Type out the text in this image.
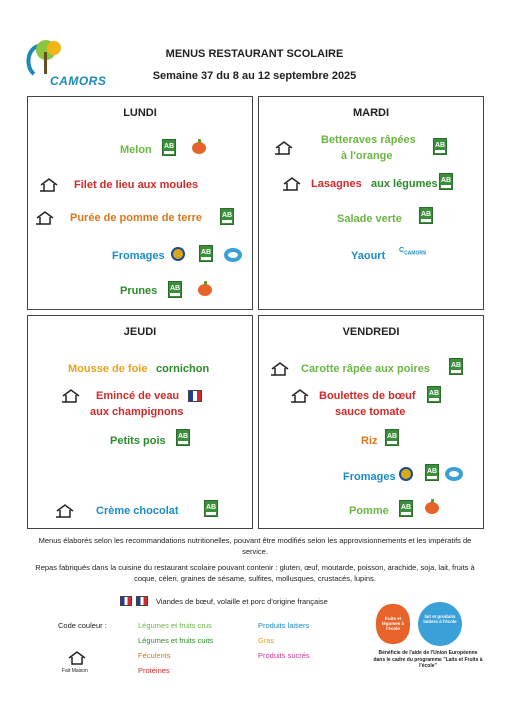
CAMORS
MENUS RESTAURANT SCOLAIRE
Semaine 37 du 8 au 12 septembre 2025
LUNDI
Melon AB
Filet de lieu aux moules
Purée de pomme de terre	AB
Fromages	AB
Prunes AB
MARDI
Betteraves râpées
à l'orange
AB
Lasagnes aux légumes AB
Salade verte	AB
Yaourt $C_{CAMORS}$
JEUDI
Mousse de foie cornichon
Emincé de veau
aux champignons
Petits pois AB
Crème chocolat	AB
VENDREDI
Carotte râpée aux poires	AB
Boulettes de bœuf
sauce tomate
AB
Riz AB
Fromages	AB
Pomme AB
Menus élaborés selon les recommandations nutritionelles, pouvant être modifiés selon les approvisionnements et les impératifs de service.
Repas fabriqués dans la cuisine du restaurant scolaire pouvant contenir : gluten, œuf, moutarde, poisson, arachide, soja, lait, fruits à coque, céleri, graines de sésame, sulfites, mollusques, crustacés, lupins.
Viandes de bœuf, volaille et porc d'origine française
Code couleur :	Légumes et fruits crus
Légumes et fruits cuits
Féculents
Protéines
Produits laitiers
Gras
Produits sucrés
Fait Maison
fruits et légumes à l'école
lait et produits laitiers à l'école
Bénéficie de l'aide de l'Union Européenne dans le cadre du programme "Laits et Fruits à l'école"
